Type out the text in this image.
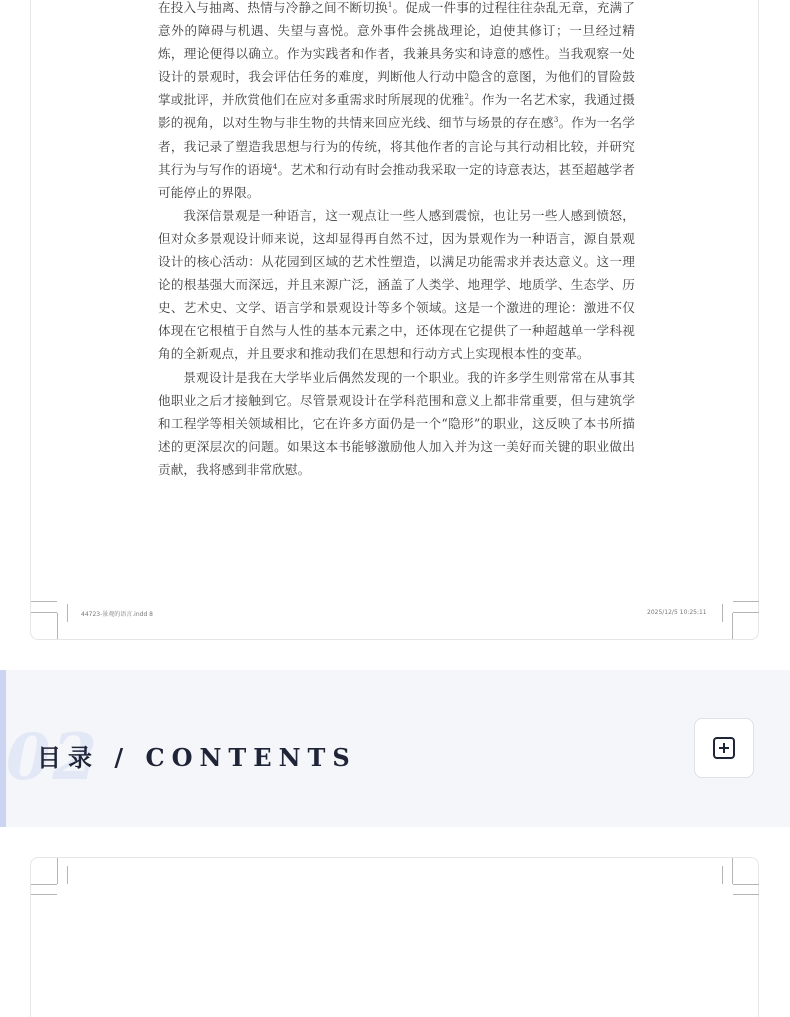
在投入与抽离、热情与冷静之间不断切换$^1$。促成一件事的过程往往杂乱无章，充满了意外的障碍与机遇、失望与喜悦。意外事件会挑战理论，迫使其修订；一旦经过精炼，理论便得以确立。作为实践者和作者，我兼具务实和诗意的感性。当我观察一处设计的景观时，我会评估任务的难度，判断他人行动中隐含的意图，为他们的冒险鼓掌或批评，并欣赏他们在应对多重需求时所展现的优雅$^2$。作为一名艺术家，我通过摄影的视角，以对生物与非生物的共情来回应光线、细节与场景的存在感$^3$。作为一名学者，我记录了塑造我思想与行为的传统，将其他作者的言论与其行动相比较，并研究其行为与写作的语境$^4$。艺术和行动有时会推动我采取一定的诗意表达，甚至超越学者可能停止的界限。

我深信景观是一种语言，这一观点让一些人感到震惊，也让另一些人感到愤怒，但对众多景观设计师来说，这却显得再自然不过，因为景观作为一种语言，源自景观设计的核心活动：从花园到区域的艺术性塑造，以满足功能需求并表达意义。这一理论的根基强大而深远，并且来源广泛，涵盖了人类学、地理学、地质学、生态学、历史、艺术史、文学、语言学和景观设计等多个领域。这是一个激进的理论：激进不仅体现在它根植于自然与人性的基本元素之中，还体现在它提供了一种超越单一学科视角的全新观点，并且要求和推动我们在思想和行动方式上实现根本性的变革。

景观设计是我在大学毕业后偶然发现的一个职业。我的许多学生则常常在从事其他职业之后才接触到它。尽管景观设计在学科范围和意义上都非常重要，但与建筑学和工程学等相关领域相比，它在许多方面仍是一个“隐形”的职业，这反映了本书所描述的更深层次的问题。如果这本书能够激励他人加入并为这一美好而关键的职业做出贡献，我将感到非常欣慰。

44723-景观的语言.indd 8	2025/12/5 10:25:11
02
目录 / CONTENTS
